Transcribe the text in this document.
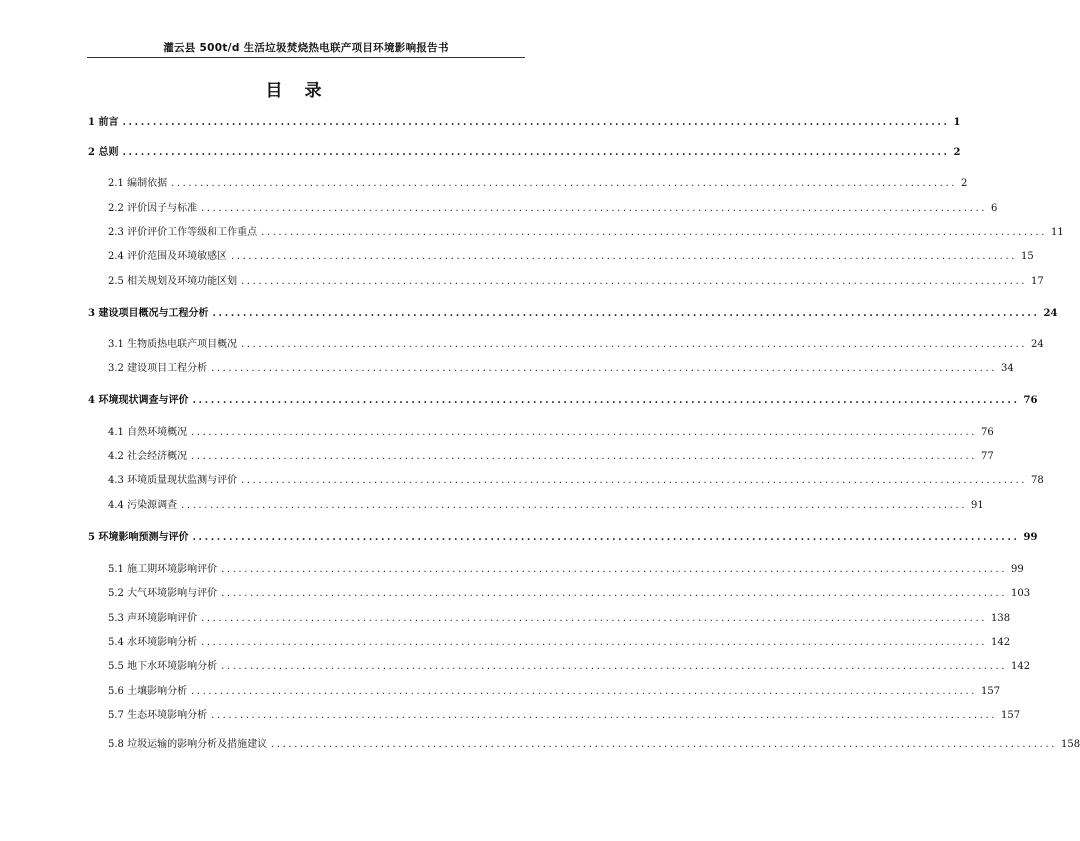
灌云县 500t/d 生活垃圾焚烧热电联产项目环境影响报告书
目 录
1 前言 ........................................................................................................................................ 1
2 总则 ........................................................................................................................................ 2
2.1 编制依据 ........................................................................................................................................ 2
2.2 评价因子与标准 ........................................................................................................................................ 6
2.3 评价评价工作等级和工作重点 ........................................................................................................................................ 11
2.4 评价范围及环境敏感区 ........................................................................................................................................ 15
2.5 相关规划及环境功能区划 ........................................................................................................................................ 17
3 建设项目概况与工程分析 ........................................................................................................................................ 24
3.1 生物质热电联产项目概况 ........................................................................................................................................ 24
3.2 建设项目工程分析 ........................................................................................................................................ 34
4 环境现状调查与评价 ........................................................................................................................................ 76
4.1 自然环境概况 ........................................................................................................................................ 76
4.2 社会经济概况 ........................................................................................................................................ 77
4.3 环境质量现状监测与评价 ........................................................................................................................................ 78
4.4 污染源调查 ........................................................................................................................................ 91
5 环境影响预测与评价 ........................................................................................................................................ 99
5.1 施工期环境影响评价 ........................................................................................................................................ 99
5.2 大气环境影响与评价 ........................................................................................................................................ 103
5.3 声环境影响评价 ........................................................................................................................................ 138
5.4 水环境影响分析 ........................................................................................................................................ 142
5.5 地下水环境影响分析 ........................................................................................................................................ 142
5.6 土壤影响分析 ........................................................................................................................................ 157
5.7 生态环境影响分析 ........................................................................................................................................ 157
5.8 垃圾运输的影响分析及措施建议 ........................................................................................................................................ 158
